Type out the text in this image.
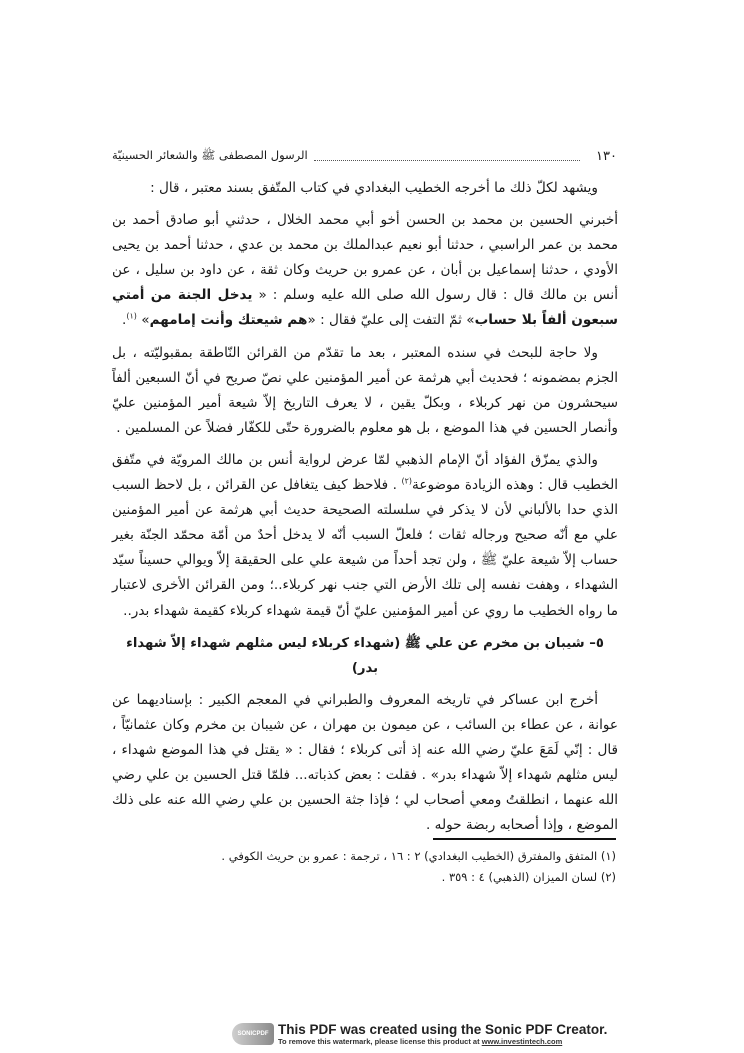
١٣٠
الرسول المصطفى ﷺ والشعائر الحسينيّة

ويشهد لكلّ ذلك ما أخرجه الخطيب البغدادي في كتاب المتّفق بسند معتبر ، قال :

أخبرني الحسين بن محمد بن الحسن أخو أبي محمد الخلال ، حدثني أبو صادق أحمد بن محمد بن عمر الراسبي ، حدثنا أبو نعيم عبدالملك بن محمد بن عدي ، حدثنا أحمد بن يحيى الأودي ، حدثنا إسماعيل بن أبان ، عن عمرو بن حريث وكان ثقة ، عن داود بن سليل ، عن أنس بن مالك قال : قال رسول الله صلى الله عليه وسلم : « يدخل الجنة من أمتي سبعون ألفاً بلا حساب» ثمّ التفت إلى عليّ فقال : «هم شيعتك وأنت إمامهم» $^{(١)}$.

ولا حاجة للبحث في سنده المعتبر ، بعد ما تقدّم من القرائن النّاطقة بمقبوليّته ، بل الجزم بمضمونه ؛ فحديث أبي هرثمة عن أمير المؤمنين علي نصّ صريح في أنّ السبعين ألفاً سيحشرون من نهر كربلاء ، وبكلّ يقين ، لا يعرف التاريخ إلاّ شيعة أمير المؤمنين عليّ وأنصار الحسين في هذا الموضع ، بل هو معلوم بالضرورة حتّى للكفّار فضلاً عن المسلمين .

والذي يمزّق الفؤاد أنّ الإمام الذهبي لمّا عرض لرواية أنس بن مالك المرويّة في متّفق الخطيب قال : وهذه الزيادة موضوعة$^{(٢)}$ . فلاحظ كيف يتغافل عن القرائن ، بل لاحظ السبب الذي حدا بالألباني لأن لا يذكر في سلسلته الصحيحة حديث أبي هرثمة عن أمير المؤمنين علي مع أنّه صحيح ورجاله ثقات ؛ فلعلّ السبب أنّه لا يدخل أحدٌ من أمّة محمّد الجنّة بغير حساب إلاّ شيعة عليّ ﷺ ، ولن تجد أحداً من شيعة علي على الحقيقة إلاّ ويوالي حسيناً سيّد الشهداء ، وهفت نفسه إلى تلك الأرض التي جنب نهر كربلاء..؛ ومن القرائن الأخرى لاعتبار ما رواه الخطيب ما روي عن أمير المؤمنين عليّ أنّ قيمة شهداء كربلاء كقيمة شهداء بدر..

٥– شيبان بن مخرم عن علي ﷺ (شهداء كربلاء ليس مثلهم شهداء إلاّ شهداء بدر)

أخرج ابن عساكر في تاريخه المعروف والطبراني في المعجم الكبير : بإسناديهما عن عوانة ، عن عطاء بن السائب ، عن ميمون بن مهران ، عن شيبان بن مخرم وكان عثمانيّاً ، قال : إنّي لَمَعَ عليّ رضي الله عنه إذ أتى كربلاء ؛ فقال : « يقتل في هذا الموضع شهداء ، ليس مثلهم شهداء إلاّ شهداء بدر» . فقلت : بعض كذباته... فلمّا قتل الحسين بن علي رضي الله عنهما ، انطلقتُ ومعي أصحاب لي ؛ فإذا جثة الحسين بن علي رضي الله عنه على ذلك الموضع ، وإذا أصحابه ربضة حوله .

(١) المتفق والمفترق (الخطيب البغدادي) ٢ : ١٦ ، ترجمة : عمرو بن حريث الكوفي .
(٢) لسان الميزان (الذهبي) ٤ : ٣٥٩ .
SONICPDF This PDF was created using the Sonic PDF Creator.
To remove this watermark, please license this product at www.investintech.com
